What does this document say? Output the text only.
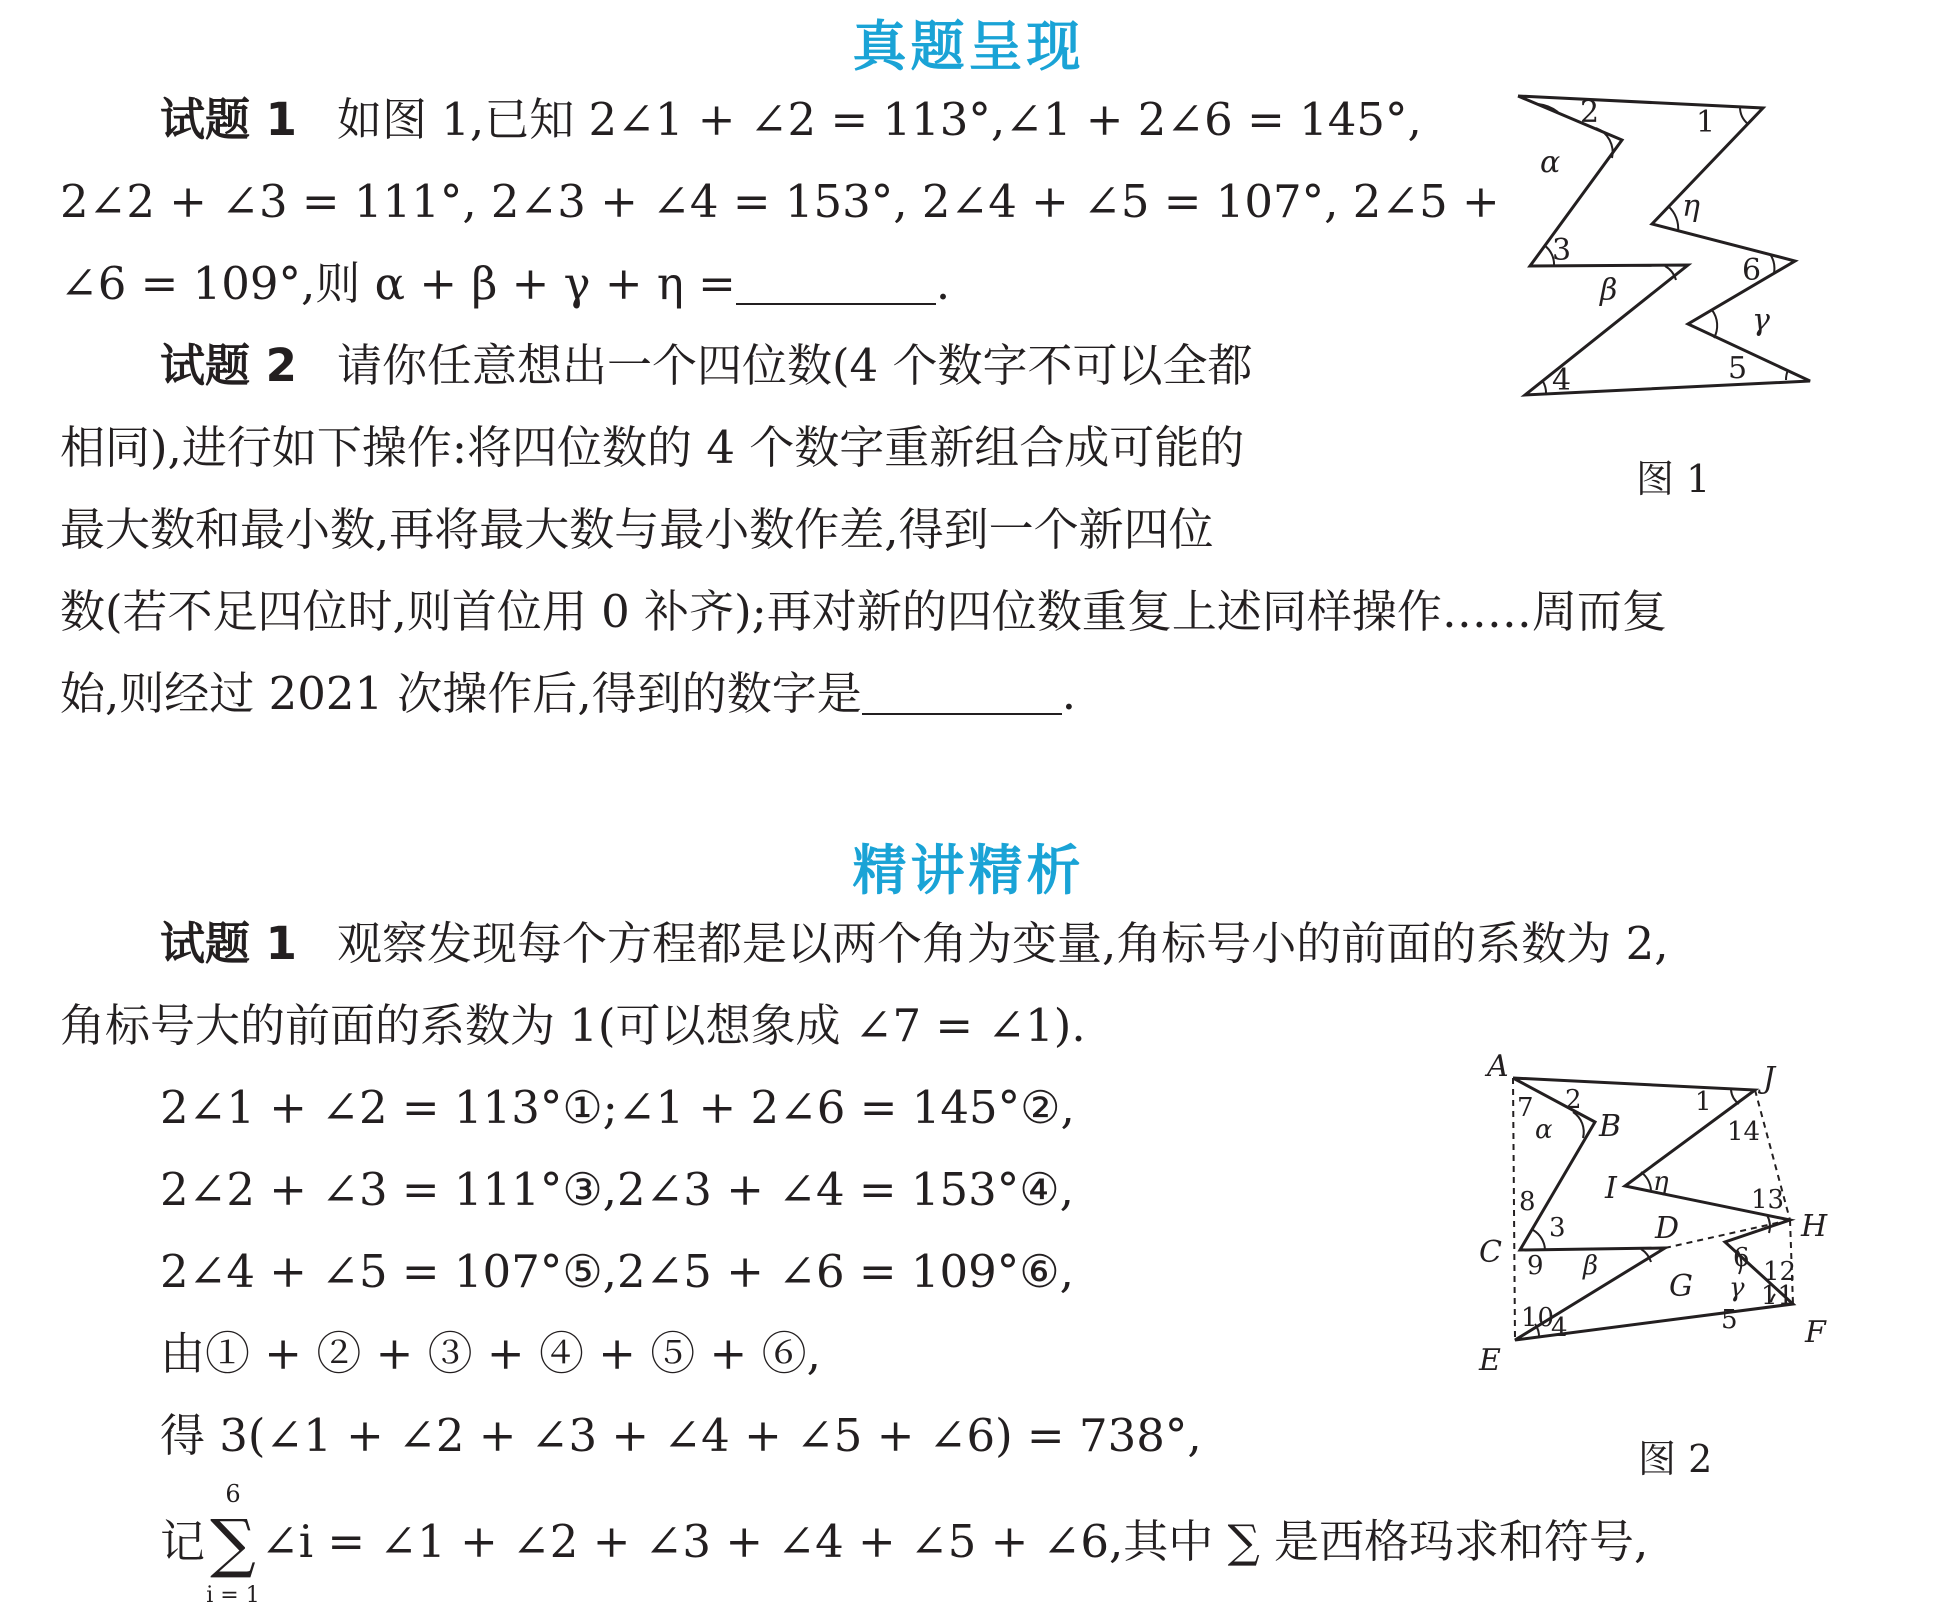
真题呈现
试题 1 如图 1,已知 2∠1 + ∠2 = 113°,∠1 + 2∠6 = 145°,
2∠2 + ∠3 = 111°, 2∠3 + ∠4 = 153°, 2∠4 + ∠5 = 107°, 2∠5 +
∠6 = 109°,则 α + β + γ + η =	.
试题 2 请你任意想出一个四位数(4 个数字不可以全都
相同),进行如下操作:将四位数的 4 个数字重新组合成可能的
最大数和最小数,再将最大数与最小数作差,得到一个新四位
数(若不足四位时,则首位用 0 补齐);再对新的四位数重复上述同样操作……周而复
始,则经过 2021 次操作后,得到的数字是	.
2	1
α
η
3
6
β
γ
5
4
图 1
精讲精析
试题 1 观察发现每个方程都是以两个角为变量,角标号小的前面的系数为 2,
角标号大的前面的系数为 1(可以想象成 ∠7 = ∠1).
2∠1 + ∠2 = 113°①;∠1 + 2∠6 = 145°②,
2∠2 + ∠3 = 111°③,2∠3 + ∠4 = 153°④,
2∠4 + ∠5 = 107°⑤,2∠5 + ∠6 = 109°⑥,
由① + ② + ③ + ④ + ⑤ + ⑥,
得 3(∠1 + ∠2 + ∠3 + ∠4 + ∠5 + ∠6) = 738°,
记
6
∑
i = 1
∠i = ∠1 + ∠2 + ∠3 + ∠4 + ∠5 + ∠6,其中 ∑ 是西格玛求和符号,
A	J
B
I
C
D	H
G
E
F
7
α
2	1
14
η
8	13
3
9 β	6 12
γ 11
10
4	5
图 2
